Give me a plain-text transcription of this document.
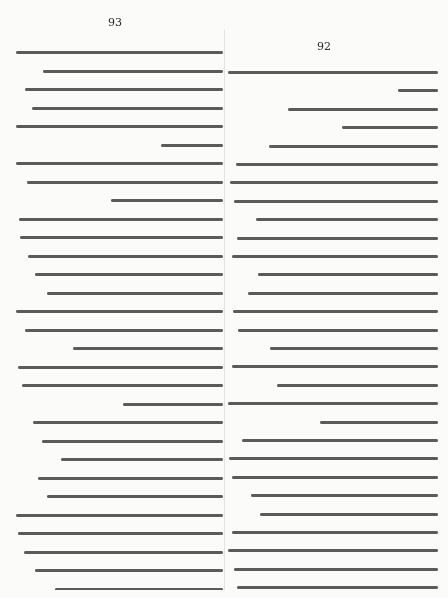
93
92
